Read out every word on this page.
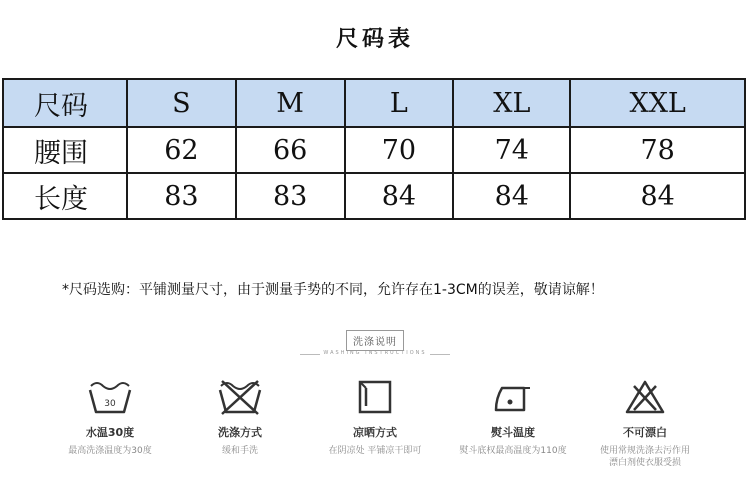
尺码表
尺码	S	M	L	XL	XXL
腰围	62	66	70	74	78
长度	83	83	84	84	84
*尺码选购：平铺测量尺寸，由于测量手势的不同，允许存在1-3CM的误差，敬请谅解！
洗涤说明
WASHING INSTRUCTIONS
30
水温30度
最高洗涤温度为30度
洗涤方式
缓和手洗
凉晒方式
在阴凉处 平铺凉干即可
熨斗温度
熨斗底权最高温度为110度
不可漂白
使用常规洗涤去污作用
漂白剂使衣服受损
